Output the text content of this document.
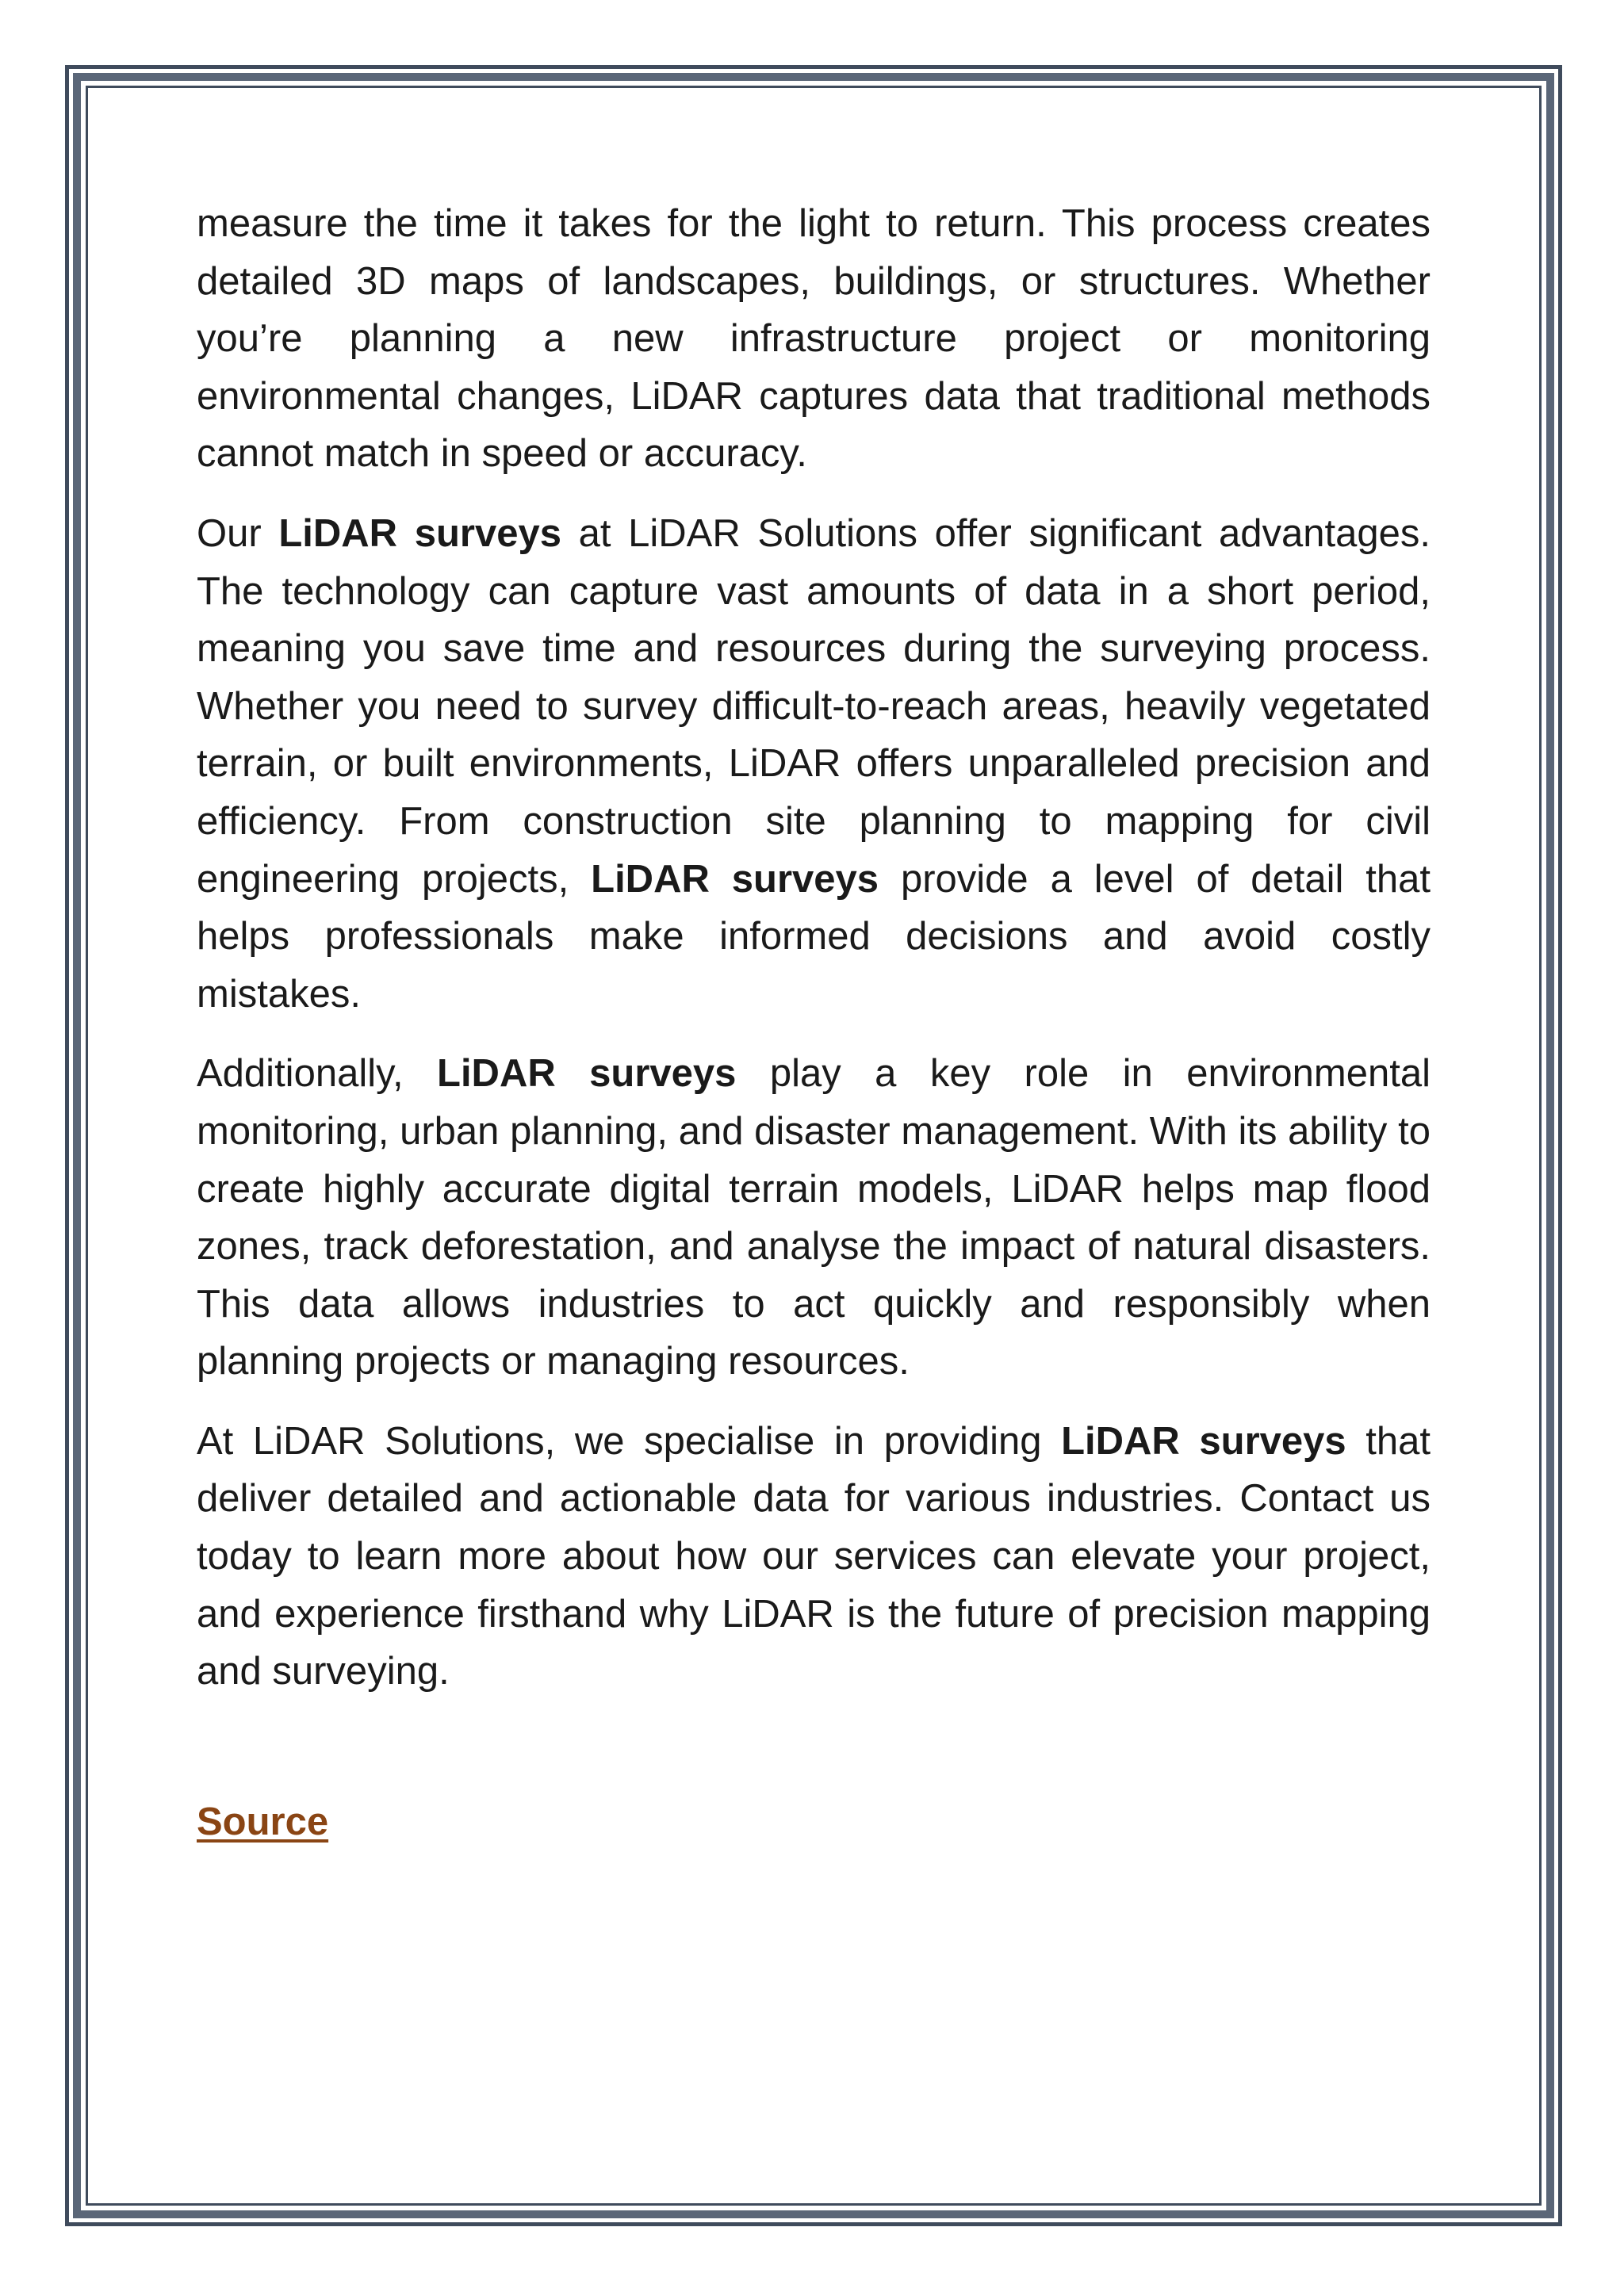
measure the time it takes for the light to return. This process creates detailed 3D maps of landscapes, buildings, or structures. Whether you’re planning a new infrastructure project or monitoring environmental changes, LiDAR captures data that traditional methods cannot match in speed or accuracy.

Our LiDAR surveys at LiDAR Solutions offer significant advantages. The technology can capture vast amounts of data in a short period, meaning you save time and resources during the surveying process. Whether you need to survey difficult-to-reach areas, heavily vegetated terrain, or built environments, LiDAR offers unparalleled precision and efficiency. From construction site planning to mapping for civil engineering projects, LiDAR surveys provide a level of detail that helps professionals make informed decisions and avoid costly mistakes.

Additionally, LiDAR surveys play a key role in environmental monitoring, urban planning, and disaster management. With its ability to create highly accurate digital terrain models, LiDAR helps map flood zones, track deforestation, and analyse the impact of natural disasters. This data allows industries to act quickly and responsibly when planning projects or managing resources.

At LiDAR Solutions, we specialise in providing LiDAR surveys that deliver detailed and actionable data for various industries. Contact us today to learn more about how our services can elevate your project, and experience firsthand why LiDAR is the future of precision mapping and surveying.

Source
